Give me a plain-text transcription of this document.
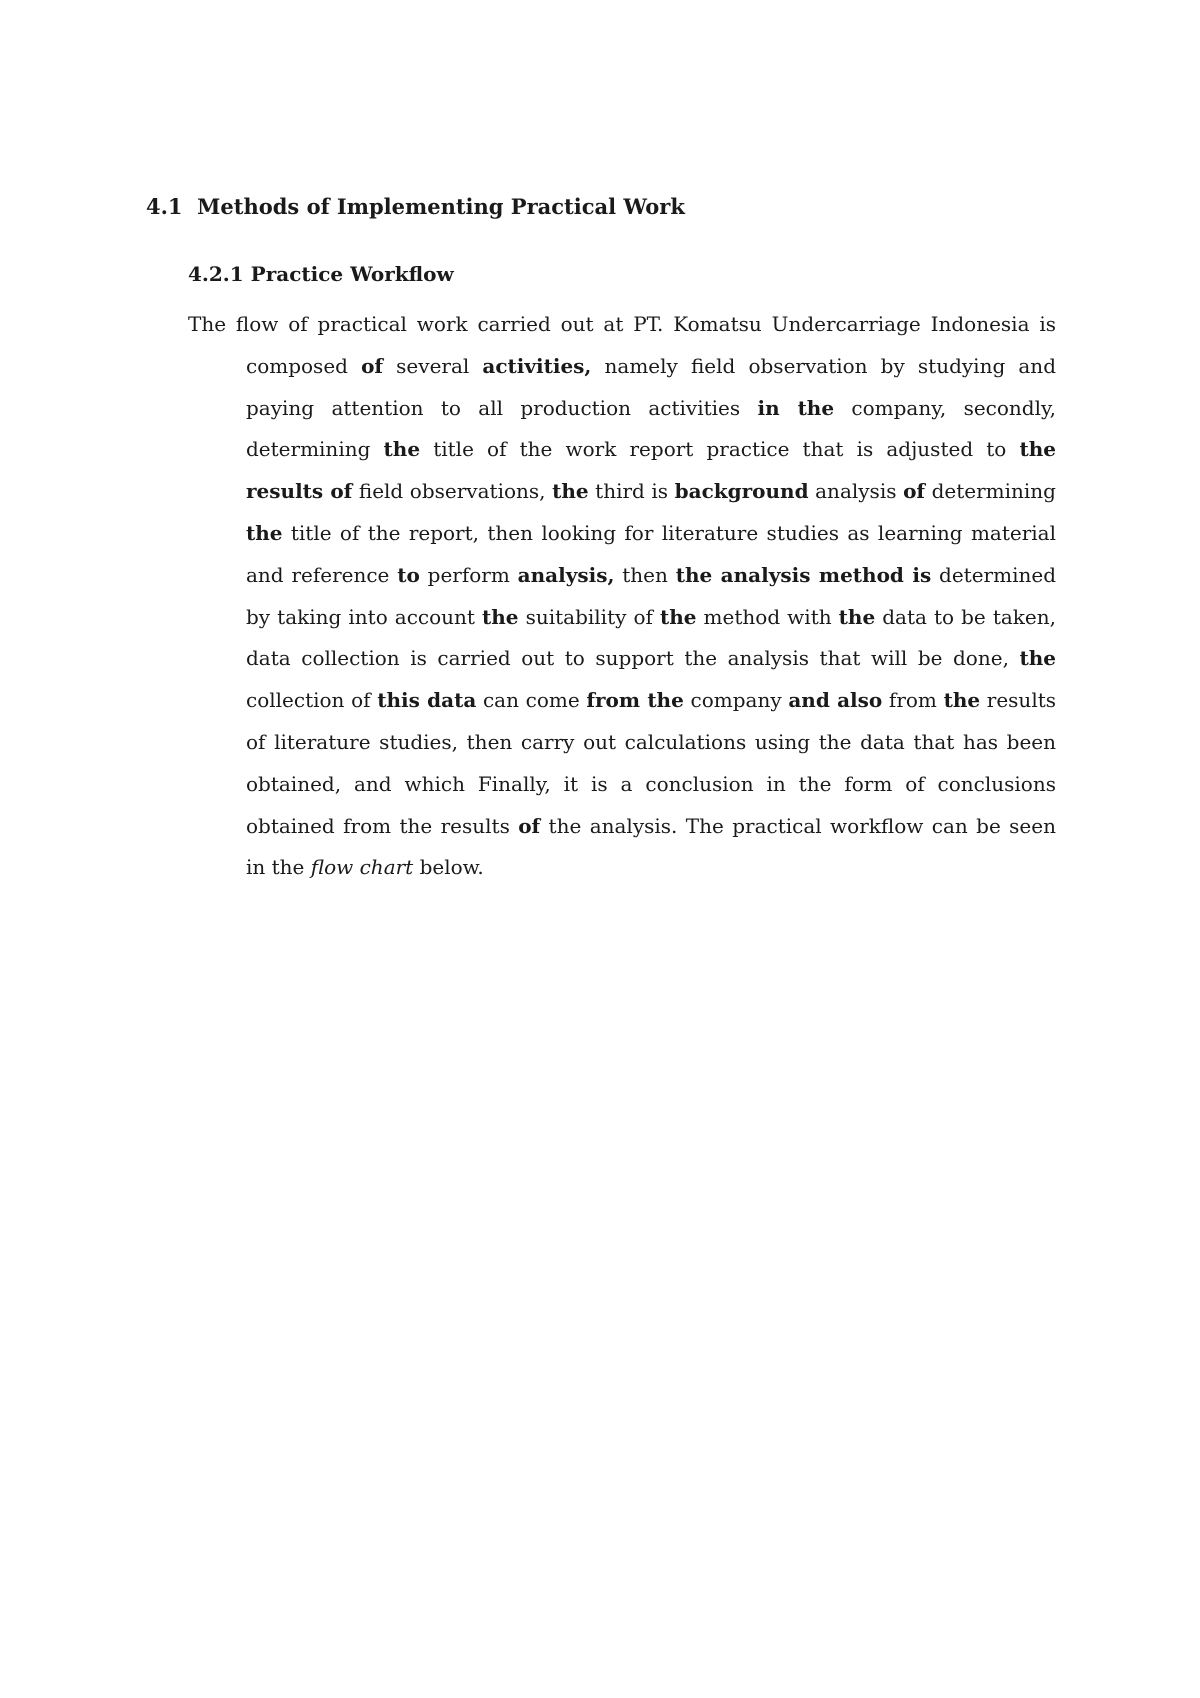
4.1 Methods of Implementing Practical Work
4.2.1 Practice Workflow

The flow of practical work carried out at PT. Komatsu Undercarriage Indonesia is composed of several activities, namely field observation by studying and paying attention to all production activities in the company, secondly, determining the title of the work report practice that is adjusted to the results of field observations, the third is background analysis of determining the title of the report, then looking for literature studies as learning material and reference to perform analysis, then the analysis method is determined by taking into account the suitability of the method with the data to be taken, data collection is carried out to support the analysis that will be done, the collection of this data can come from the company and also from the results of literature studies, then carry out calculations using the data that has been obtained, and which Finally, it is a conclusion in the form of conclusions obtained from the results of the analysis. The practical workflow can be seen in the flow chart below.
